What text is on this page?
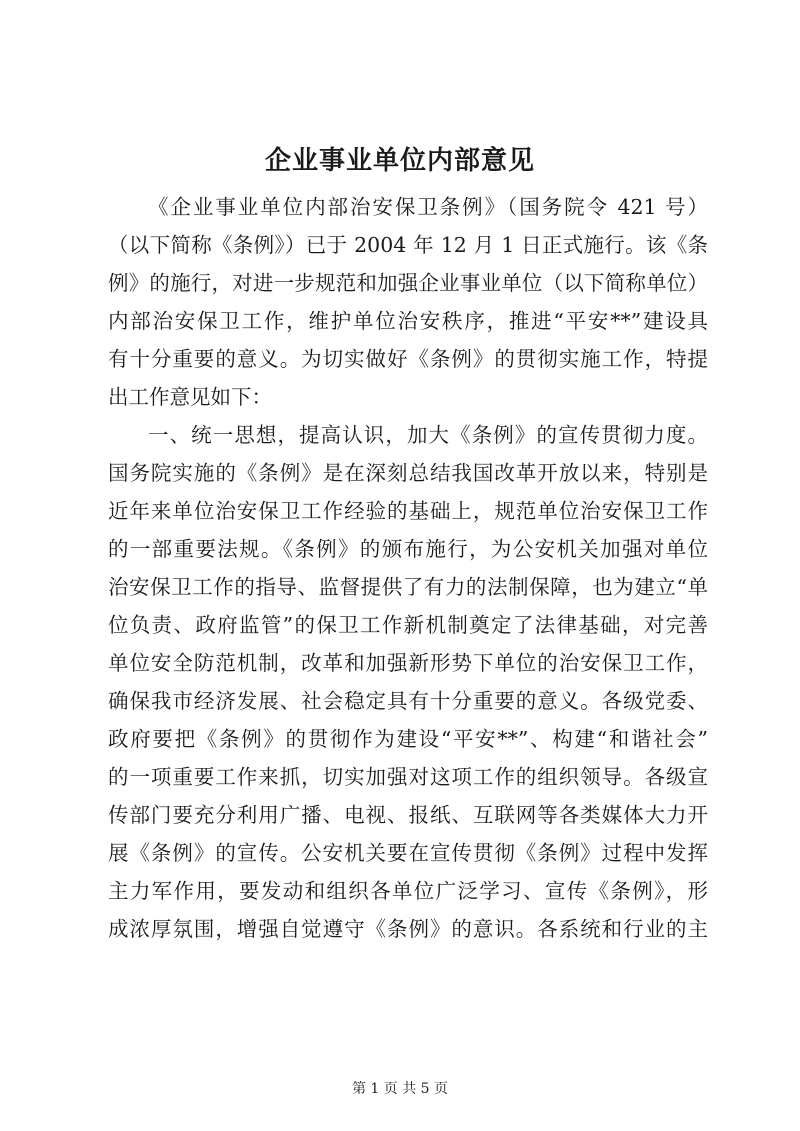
企业事业单位内部意见
《企业事业单位内部治安保卫条例》（国务院令 421 号）
（以下简称《条例》）已于 2004 年 12 月 1 日正式施行。该《条
例》的施行，对进一步规范和加强企业事业单位（以下简称单位）
内部治安保卫工作，维护单位治安秩序，推进“平安**”建设具
有十分重要的意义。为切实做好《条例》的贯彻实施工作，特提
出工作意见如下：
一、统一思想，提高认识，加大《条例》的宣传贯彻力度。
国务院实施的《条例》是在深刻总结我国改革开放以来，特别是
近年来单位治安保卫工作经验的基础上，规范单位治安保卫工作
的一部重要法规。《条例》的颁布施行，为公安机关加强对单位
治安保卫工作的指导、监督提供了有力的法制保障，也为建立“单
位负责、政府监管”的保卫工作新机制奠定了法律基础，对完善
单位安全防范机制，改革和加强新形势下单位的治安保卫工作，
确保我市经济发展、社会稳定具有十分重要的意义。各级党委、
政府要把《条例》的贯彻作为建设“平安**”、构建“和谐社会”
的一项重要工作来抓，切实加强对这项工作的组织领导。各级宣
传部门要充分利用广播、电视、报纸、互联网等各类媒体大力开
展《条例》的宣传。公安机关要在宣传贯彻《条例》过程中发挥
主力军作用，要发动和组织各单位广泛学习、宣传《条例》，形
成浓厚氛围，增强自觉遵守《条例》的意识。各系统和行业的主
第 1 页 共 5 页
